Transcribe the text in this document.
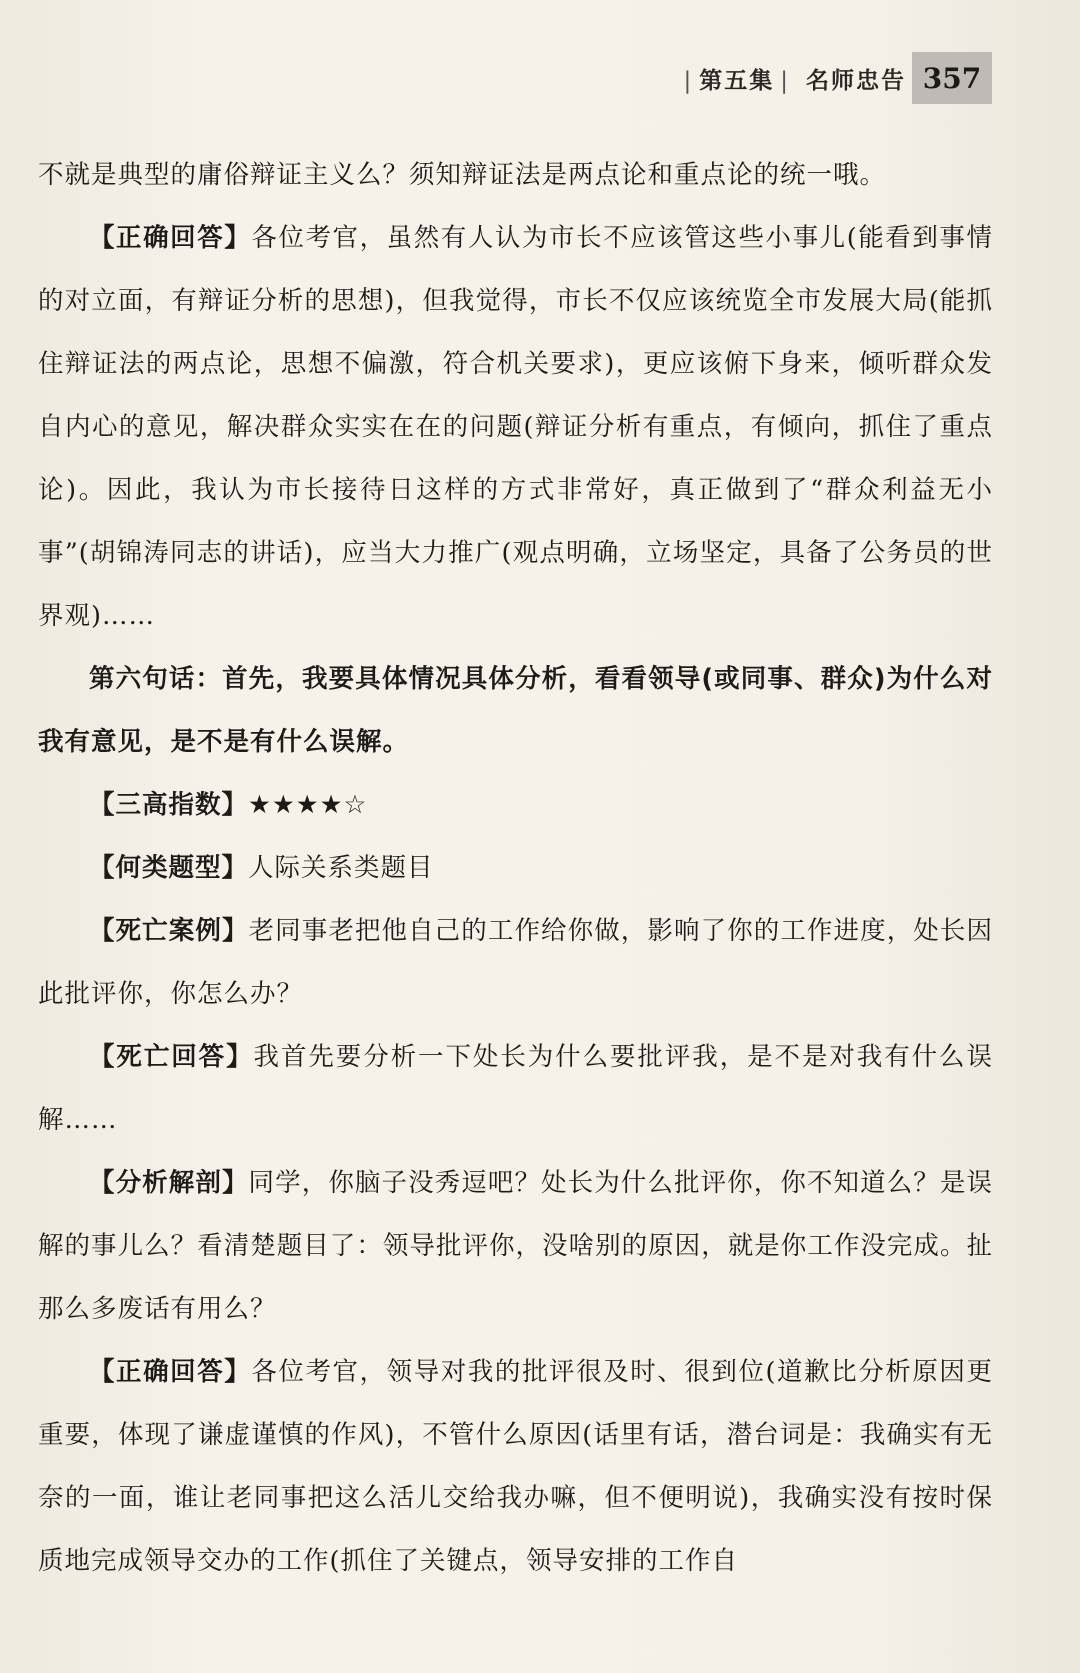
| 第五集 | 名师忠告 357

不就是典型的庸俗辩证主义么？须知辩证法是两点论和重点论的统一哦。

【正确回答】各位考官，虽然有人认为市长不应该管这些小事儿(能看到事情的对立面，有辩证分析的思想)，但我觉得，市长不仅应该统览全市发展大局(能抓住辩证法的两点论，思想不偏激，符合机关要求)，更应该俯下身来，倾听群众发自内心的意见，解决群众实实在在的问题(辩证分析有重点，有倾向，抓住了重点论)。因此，我认为市长接待日这样的方式非常好，真正做到了“群众利益无小事”(胡锦涛同志的讲话)，应当大力推广(观点明确，立场坚定，具备了公务员的世界观)……

第六句话：首先，我要具体情况具体分析，看看领导(或同事、群众)为什么对我有意见，是不是有什么误解。

【三高指数】★★★★☆

【何类题型】人际关系类题目

【死亡案例】老同事老把他自己的工作给你做，影响了你的工作进度，处长因此批评你，你怎么办？

【死亡回答】我首先要分析一下处长为什么要批评我，是不是对我有什么误解……

【分析解剖】同学，你脑子没秀逗吧？处长为什么批评你，你不知道么？是误解的事儿么？看清楚题目了：领导批评你，没啥别的原因，就是你工作没完成。扯那么多废话有用么？

【正确回答】各位考官，领导对我的批评很及时、很到位(道歉比分析原因更重要，体现了谦虚谨慎的作风)，不管什么原因(话里有话，潜台词是：我确实有无奈的一面，谁让老同事把这么活儿交给我办嘛，但不便明说)，我确实没有按时保质地完成领导交办的工作(抓住了关键点，领导安排的工作自
